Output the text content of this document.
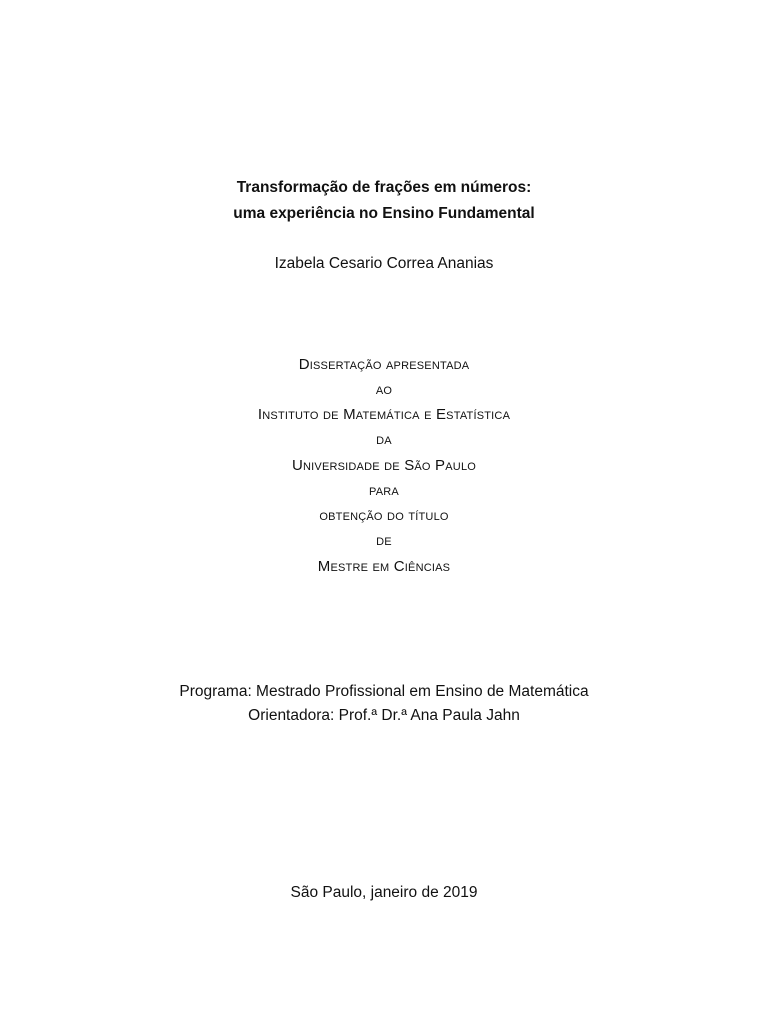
Transformação de frações em números:
uma experiência no Ensino Fundamental
Izabela Cesario Correa Ananias
Dissertação apresentada
ao
Instituto de Matemática e Estatística
da
Universidade de São Paulo
para
obtenção do título
de
Mestre em Ciências
Programa: Mestrado Profissional em Ensino de Matemática
Orientadora: Prof.ª Dr.ª Ana Paula Jahn
São Paulo, janeiro de 2019
